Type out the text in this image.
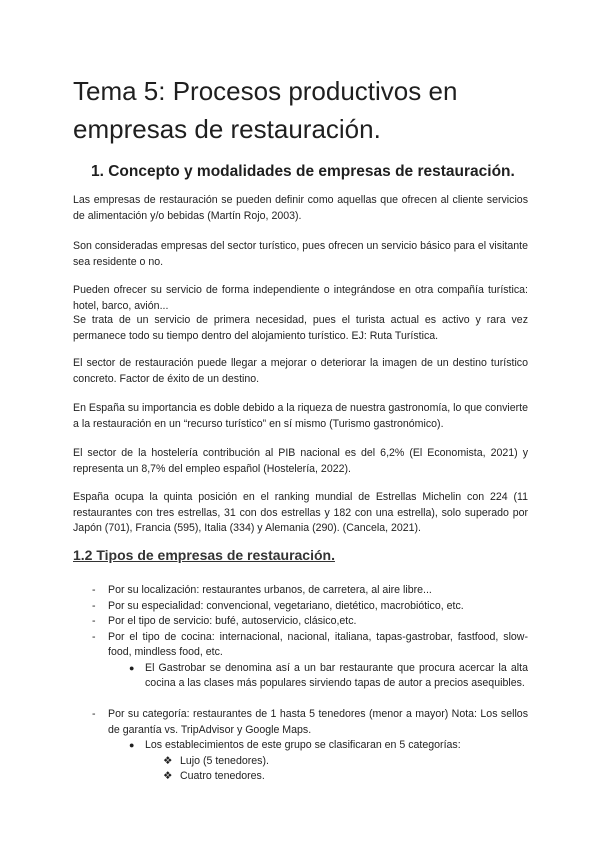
Tema 5: Procesos productivos en empresas de restauración.
1. Concepto y modalidades de empresas de restauración.

Las empresas de restauración se pueden definir como aquellas que ofrecen al cliente servicios de alimentación y/o bebidas (Martín Rojo, 2003).

Son consideradas empresas del sector turístico, pues ofrecen un servicio básico para el visitante sea residente o no.

Pueden ofrecer su servicio de forma independiente o integrándose en otra compañía turística: hotel, barco, avión...

Se trata de un servicio de primera necesidad, pues el turista actual es activo y rara vez permanece todo su tiempo dentro del alojamiento turístico. EJ: Ruta Turística.

El sector de restauración puede llegar a mejorar o deteriorar la imagen de un destino turístico concreto. Factor de éxito de un destino.

En España su importancia es doble debido a la riqueza de nuestra gastronomía, lo que convierte a la restauración en un “recurso turístico” en sí mismo (Turismo gastronómico).

El sector de la hostelería contribución al PIB nacional es del 6,2% (El Economista, 2021) y representa un 8,7% del empleo español (Hostelería, 2022).

España ocupa la quinta posición en el ranking mundial de Estrellas Michelin con 224 (11 restaurantes con tres estrellas, 31 con dos estrellas y 182 con una estrella), solo superado por Japón (701), Francia (595), Italia (334) y Alemania (290). (Cancela, 2021).

1.2 Tipos de empresas de restauración.
- Por su localización: restaurantes urbanos, de carretera, al aire libre...
- Por su especialidad: convencional, vegetariano, dietético, macrobiótico, etc.
- Por el tipo de servicio: bufé, autoservicio, clásico,etc.
- Por el tipo de cocina: internacional, nacional, italiana, tapas-gastrobar, fastfood, slow-food, mindless food, etc.
● El Gastrobar se denomina así a un bar restaurante que procura acercar la alta cocina a las clases más populares sirviendo tapas de autor a precios asequibles.
- Por su categoría: restaurantes de 1 hasta 5 tenedores (menor a mayor) Nota: Los sellos de garantía vs. TripAdvisor y Google Maps.
● Los establecimientos de este grupo se clasificaran en 5 categorías:
❖ Lujo (5 tenedores).
❖ Cuatro tenedores.
